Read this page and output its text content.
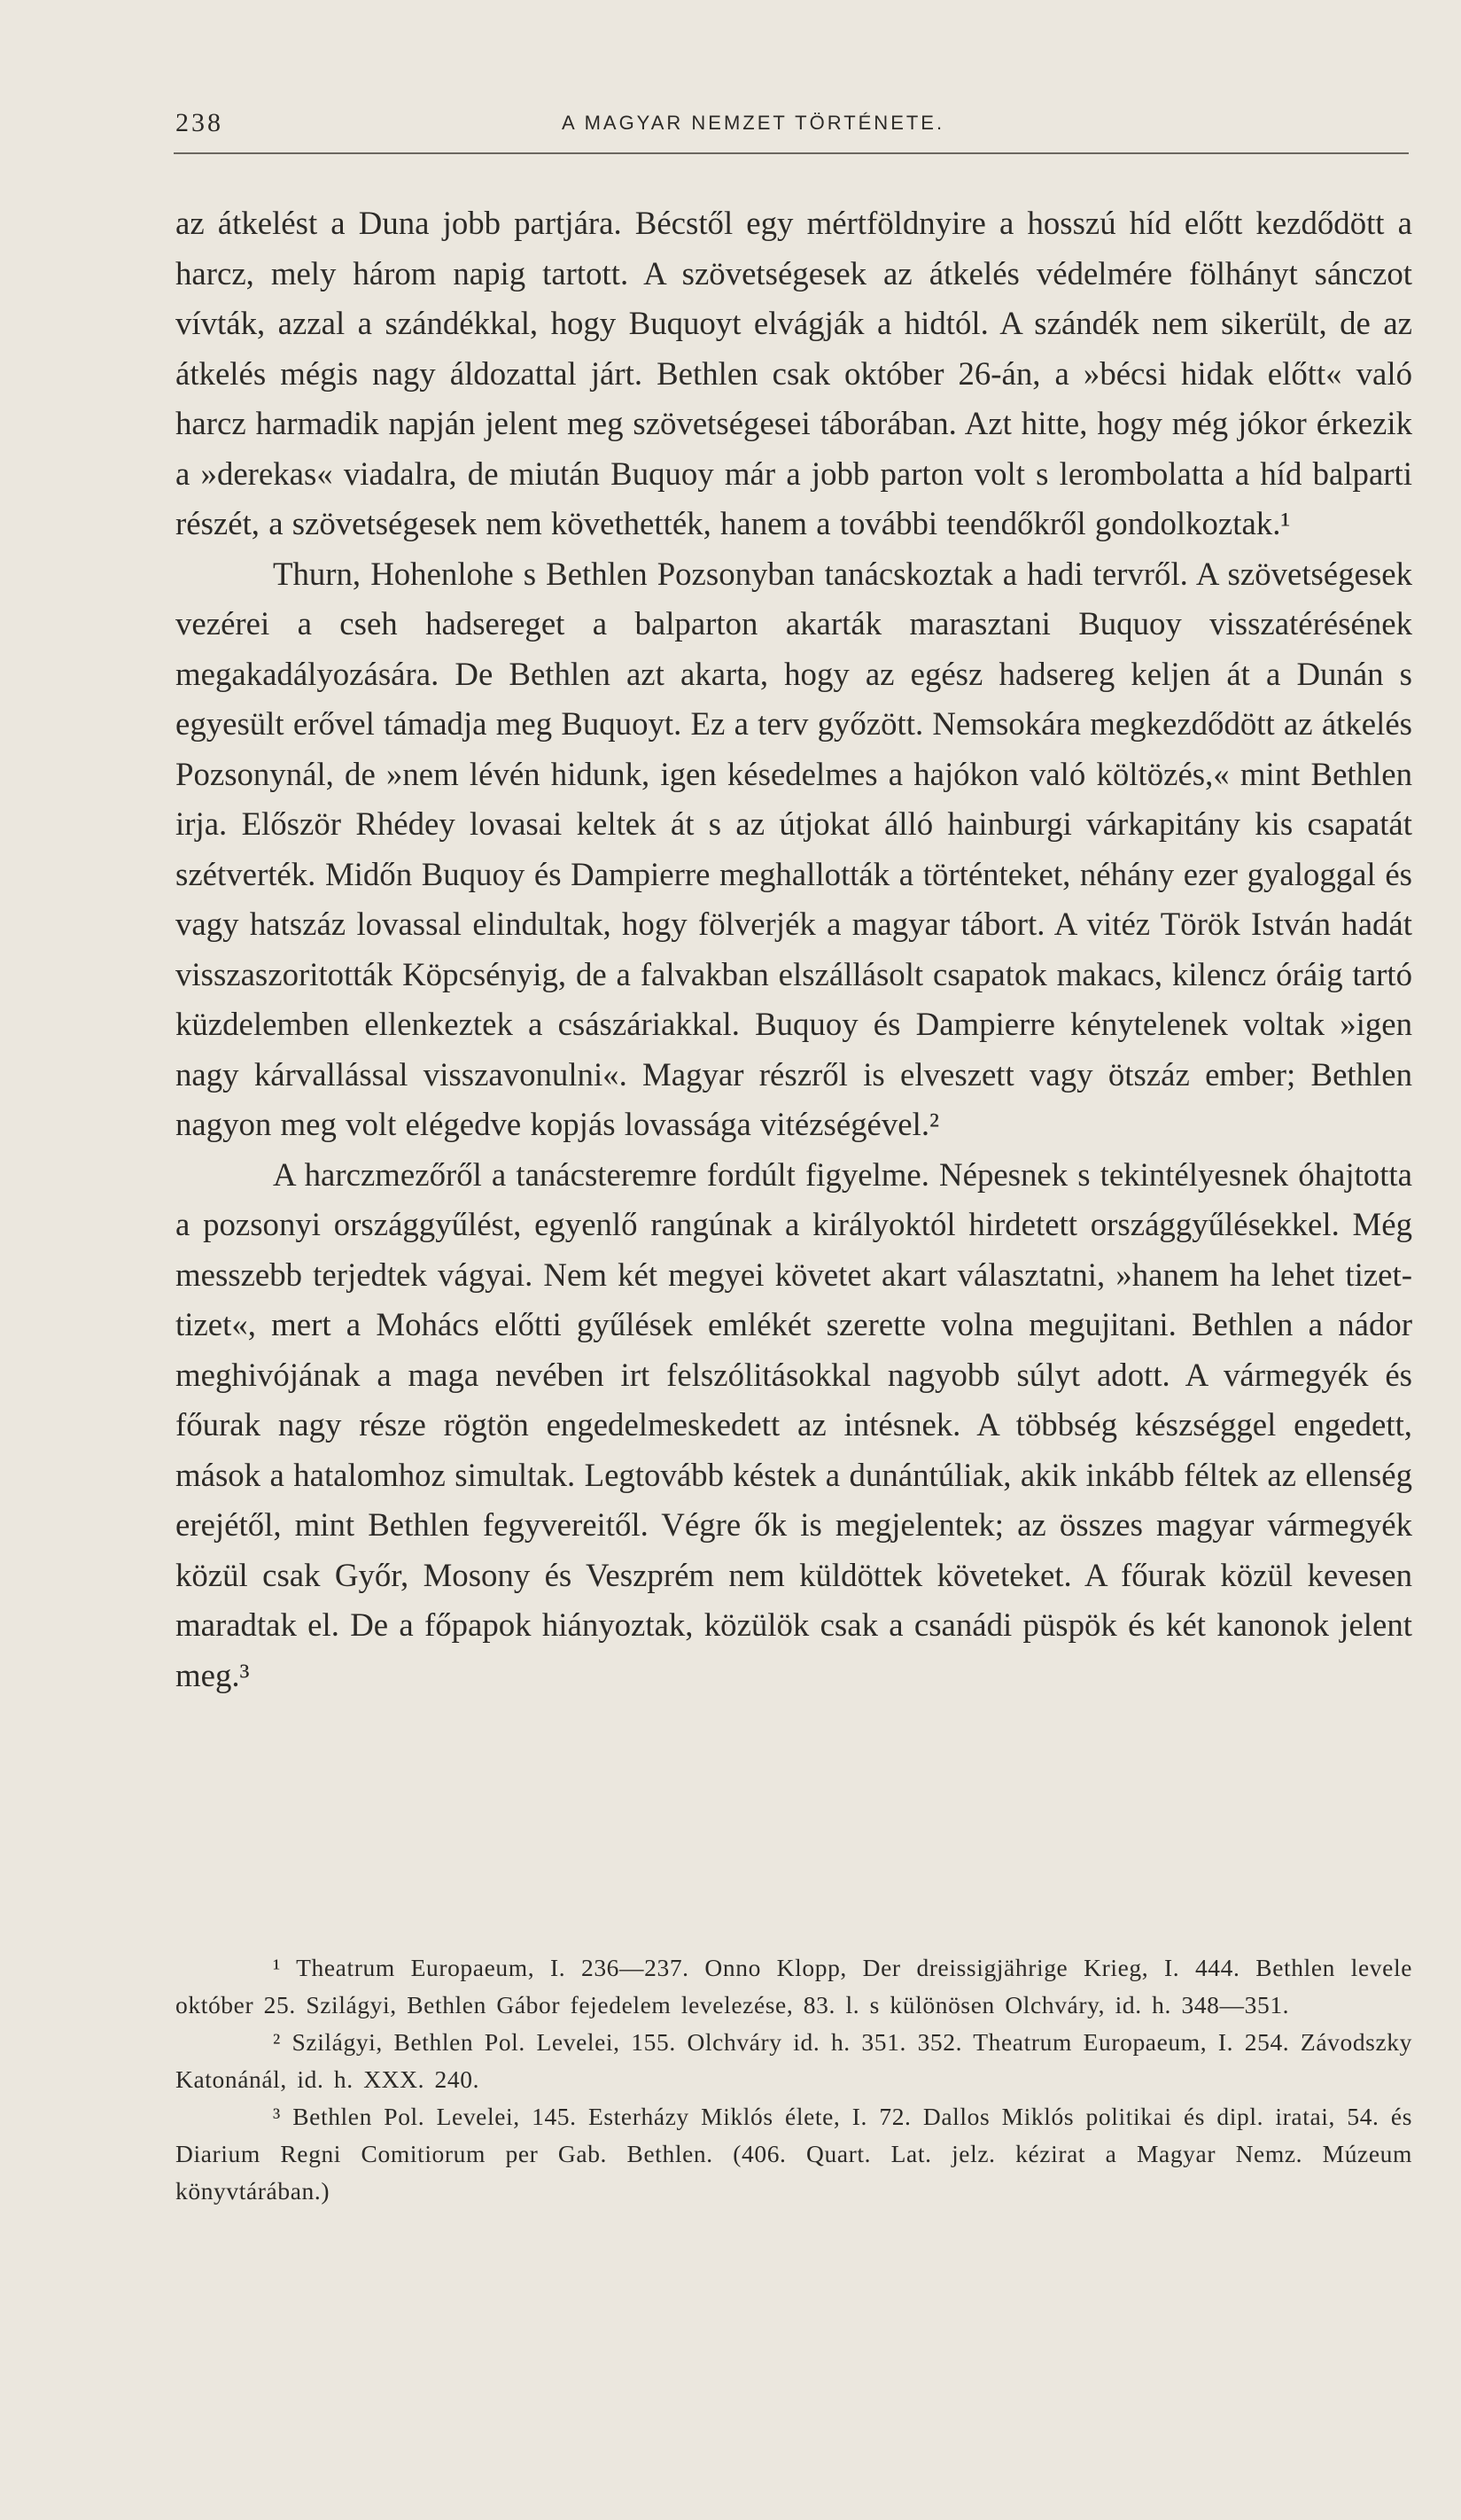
238	A MAGYAR NEMZET TÖRTÉNETE.

az átkelést a Duna jobb partjára. Bécstől egy mértföldnyire a hosszú híd előtt kezdődött a harcz, mely három napig tartott. A szövetségesek az átkelés védelmére fölhányt sánczot vívták, azzal a szándékkal, hogy Buquoyt elvágják a hidtól. A szándék nem sikerült, de az átkelés mégis nagy áldozattal járt. Bethlen csak október 26-án, a »bécsi hidak előtt« való harcz harmadik napján jelent meg szövetségesei táborában. Azt hitte, hogy még jókor érkezik a »derekas« viadalra, de miután Buquoy már a jobb parton volt s lerombolatta a híd balparti részét, a szövetségesek nem követhették, hanem a további teendőkről gondolkoztak.¹

Thurn, Hohenlohe s Bethlen Pozsonyban tanácskoztak a hadi tervről. A szövetségesek vezérei a cseh hadsereget a balparton akarták marasztani Buquoy visszatérésének megakadályozására. De Bethlen azt akarta, hogy az egész hadsereg keljen át a Dunán s egyesült erővel támadja meg Buquoyt. Ez a terv győzött. Nemsokára megkezdődött az átkelés Pozsonynál, de »nem lévén hidunk, igen késedelmes a hajókon való költözés,« mint Bethlen irja. Először Rhédey lovasai keltek át s az útjokat álló hainburgi várkapitány kis csapatát szétverték. Midőn Buquoy és Dampierre meghallották a történteket, néhány ezer gyaloggal és vagy hatszáz lovassal elindultak, hogy fölverjék a magyar tábort. A vitéz Török István hadát visszaszoritották Köpcsényig, de a falvakban elszállásolt csapatok makacs, kilencz óráig tartó küzdelemben ellenkeztek a császáriakkal. Buquoy és Dampierre kénytelenek voltak »igen nagy kárvallással visszavonulni«. Magyar részről is elveszett vagy ötszáz ember; Bethlen nagyon meg volt elégedve kopjás lovassága vitézségével.²

A harczmezőről a tanácsteremre fordúlt figyelme. Népesnek s tekintélyesnek óhajtotta a pozsonyi országgyűlést, egyenlő rangúnak a királyoktól hirdetett országgyűlésekkel. Még messzebb terjedtek vágyai. Nem két megyei követet akart választatni, »hanem ha lehet tizet-tizet«, mert a Mohács előtti gyűlések emlékét szerette volna megujitani. Bethlen a nádor meghivójának a maga nevében irt felszólitásokkal nagyobb súlyt adott. A vármegyék és főurak nagy része rögtön engedelmeskedett az intésnek. A többség készséggel engedett, mások a hatalomhoz simultak. Legtovább késtek a dunántúliak, akik inkább féltek az ellenség erejétől, mint Bethlen fegyvereitől. Végre ők is megjelentek; az összes magyar vármegyék közül csak Győr, Mosony és Veszprém nem küldöttek követeket. A főurak közül kevesen maradtak el. De a főpapok hiányoztak, közülök csak a csanádi püspök és két kanonok jelent meg.³

¹ Theatrum Europaeum, I. 236—237. Onno Klopp, Der dreissigjährige Krieg, I. 444. Bethlen levele október 25. Szilágyi, Bethlen Gábor fejedelem levelezése, 83. l. s különösen Olchváry, id. h. 348—351.

² Szilágyi, Bethlen Pol. Levelei, 155. Olchváry id. h. 351. 352. Theatrum Europaeum, I. 254. Závodszky Katonánál, id. h. XXX. 240.

³ Bethlen Pol. Levelei, 145. Esterházy Miklós élete, I. 72. Dallos Miklós politikai és dipl. iratai, 54. és Diarium Regni Comitiorum per Gab. Bethlen. (406. Quart. Lat. jelz. kézirat a Magyar Nemz. Múzeum könyvtárában.)
